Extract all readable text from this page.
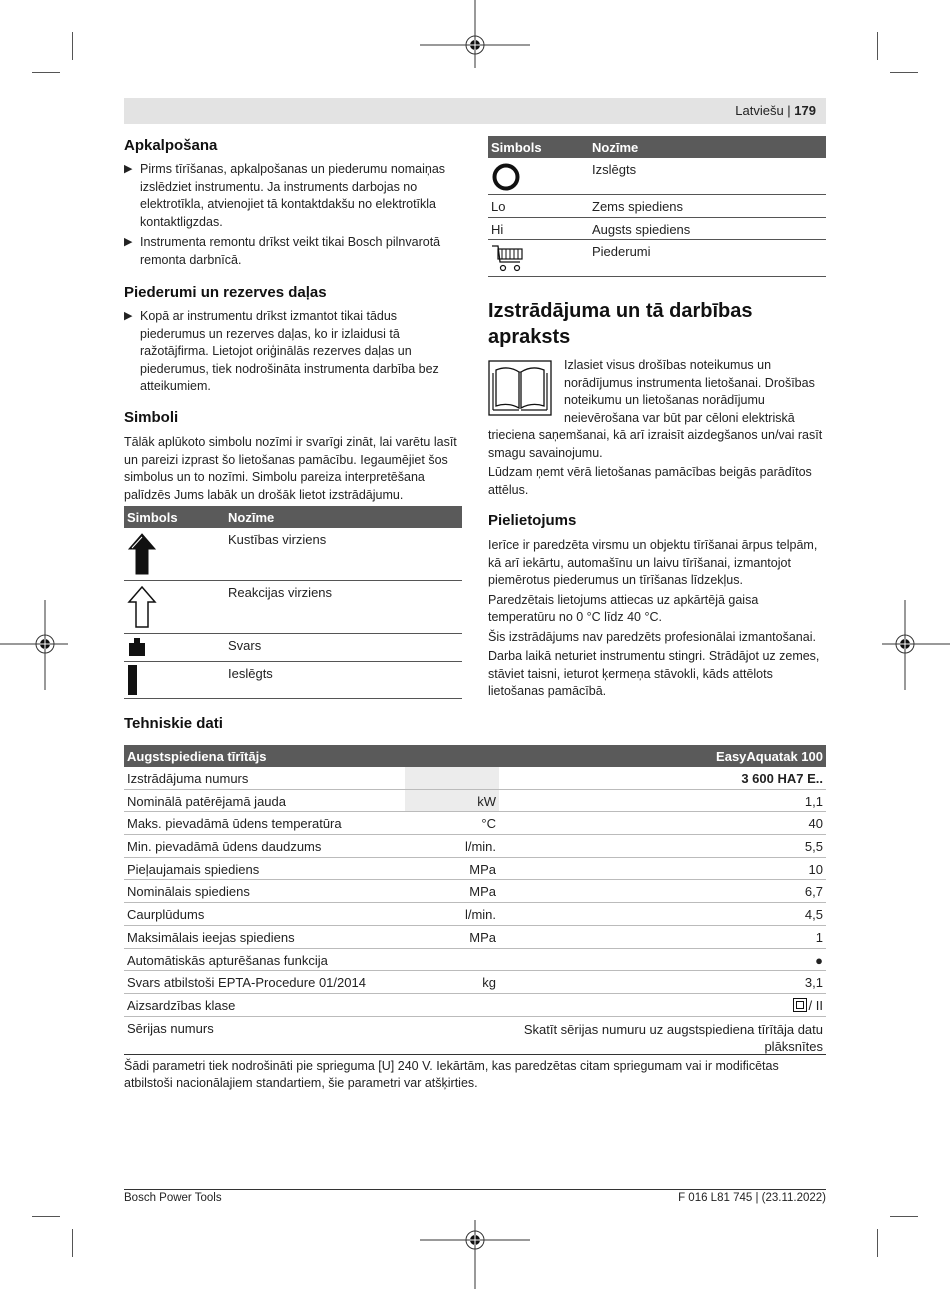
Latviešu | 179
Apkalpošana
▶ Pirms tīrīšanas, apkalpošanas un piederumu nomaiņas izslēdziet instrumentu. Ja instruments darbojas no elektrotīkla, atvienojiet tā kontaktdakšu no elektrotīkla kontaktligzdas.
▶ Instrumenta remontu drīkst veikt tikai Bosch pilnvarotā remonta darbnīcā.
Piederumi un rezerves daļas
▶ Kopā ar instrumentu drīkst izmantot tikai tādus piederumus un rezerves daļas, ko ir izlaidusi tā ražotājfirma. Lietojot oriģinālās rezerves daļas un piederumus, tiek nodrošināta instrumenta darbība bez atteikumiem.
Simboli

Tālāk aplūkoto simbolu nozīmi ir svarīgi zināt, lai varētu lasīt un pareizi izprast šo lietošanas pamācību. Iegaumējiet šos simbolus un to nozīmi. Simbolu pareiza interpretēšana palīdzēs Jums labāk un drošāk lietot izstrādājumu.

Simbols	Nozīme
Kustības virziens
Reakcijas virziens
Svars
Ieslēgts
Simbols	Nozīme
Izslēgts
Lo	Zems spiediens
Hi	Augsts spiediens
Piederumi
Izstrādājuma un tā darbības
apraksts
Izlasiet visus drošības noteikumus un
norādījumus instrumenta lietošanai. Drošības
noteikumu un lietošanas norādījumu
neievērošana var būt par cēloni elektriskā

trieciena saņemšanai, kā arī izraisīt aizdegšanos un/vai rasīt smagu savainojumu.

Lūdzam ņemt vērā lietošanas pamācības beigās parādītos attēlus.

Pielietojums

Ierīce ir paredzēta virsmu un objektu tīrīšanai ārpus telpām, kā arī iekārtu, automašīnu un laivu tīrīšanai, izmantojot piemērotus piederumus un tīrīšanas līdzekļus.

Paredzētais lietojums attiecas uz apkārtējā gaisa temperatūru no 0 °C līdz 40 °C.

Šis izstrādājums nav paredzēts profesionālai izmantošanai.

Darba laikā neturiet instrumentu stingri. Strādājot uz zemes, stāviet taisni, ieturot ķermeņa stāvokli, kāds attēlots lietošanas pamācībā.

Tehniskie dati
Augstspiediena tīrītājs	EasyAquatak 100
Izstrādājuma numurs	3 600 HA7 E..
Nominālā patērējamā jauda	kW	1,1
Maks. pievadāmā ūdens temperatūra	°C	40
Min. pievadāmā ūdens daudzums	l/min.	5,5
Pieļaujamais spiediens	MPa	10
Nominālais spiediens	MPa	6,7
Caurplūdums	l/min.	4,5
Maksimālais ieejas spiediens	MPa	1
Automātiskās apturēšanas funkcija	●
Svars atbilstoši EPTA-Procedure 01/2014	kg	3,1
Aizsardzības klase	/ II
Sērijas numurs	Skatīt sērijas numuru uz augstspiediena tīrītāja datu
plāksnītes

Šādi parametri tiek nodrošināti pie sprieguma [U] 240 V. Iekārtām, kas paredzētas citam spriegumam vai ir modificētas atbilstoši nacionālajiem standartiem, šie parametri var atšķirties.

Bosch Power Tools	F 016 L81 745 | (23.11.2022)
